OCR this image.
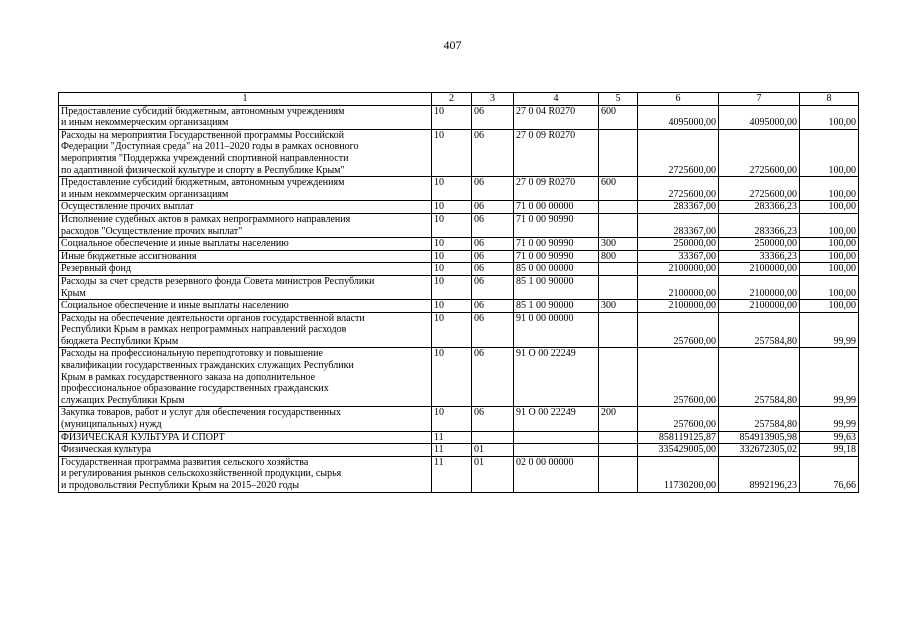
407
1	2	3	4	5	6	7	8
Предоставление субсидий бюджетным, автономным учреждениям
и иным некоммерческим организациям	10	06	27 0 04 R0270	600	4095000,00	4095000,00	100,00
Расходы на мероприятия Государственной программы Российской
Федерации "Доступная среда" на 2011–2020 годы в рамках основного
мероприятия "Поддержка учреждений спортивной направленности
по адаптивной физической культуре и спорту в Республике Крым"	10	06	27 0 09 R0270		2725600,00	2725600,00	100,00
Предоставление субсидий бюджетным, автономным учреждениям
и иным некоммерческим организациям	10	06	27 0 09 R0270	600	2725600,00	2725600,00	100,00
Осуществление прочих выплат	10	06	71 0 00 00000		283367,00	283366,23	100,00
Исполнение судебных актов в рамках непрограммного направления
расходов "Осуществление прочих выплат"	10	06	71 0 00 90990		283367,00	283366,23	100,00
Социальное обеспечение и иные выплаты населению	10	06	71 0 00 90990	300	250000,00	250000,00	100,00
Иные бюджетные ассигнования	10	06	71 0 00 90990	800	33367,00	33366,23	100,00
Резервный фонд	10	06	85 0 00 00000		2100000,00	2100000,00	100,00
Расходы за счет средств резервного фонда Совета министров Республики
Крым	10	06	85 1 00 90000		2100000,00	2100000,00	100,00
Социальное обеспечение и иные выплаты населению	10	06	85 1 00 90000	300	2100000,00	2100000,00	100,00
Расходы на обеспечение деятельности органов государственной власти
Республики Крым в рамках непрограммных направлений расходов
бюджета Республики Крым	10	06	91 0 00 00000		257600,00	257584,80	99,99
Расходы на профессиональную переподготовку и повышение
квалификации государственных гражданских служащих Республики
Крым в рамках государственного заказа на дополнительное
профессиональное образование государственных гражданских
служащих Республики Крым	10	06	91 О 00 22249		257600,00	257584,80	99,99
Закупка товаров, работ и услуг для обеспечения государственных
(муниципальных) нужд	10	06	91 О 00 22249	200	257600,00	257584,80	99,99
ФИЗИЧЕСКАЯ КУЛЬТУРА И СПОРТ	11				858119125,87	854913905,98	99,63
Физическая культура	11	01			335429005,00	332672305,02	99,18
Государственная программа развития сельского хозяйства
и регулирования рынков сельскохозяйственной продукции, сырья
и продовольствия Республики Крым на 2015–2020 годы	11	01	02 0 00 00000		11730200,00	8992196,23	76,66
